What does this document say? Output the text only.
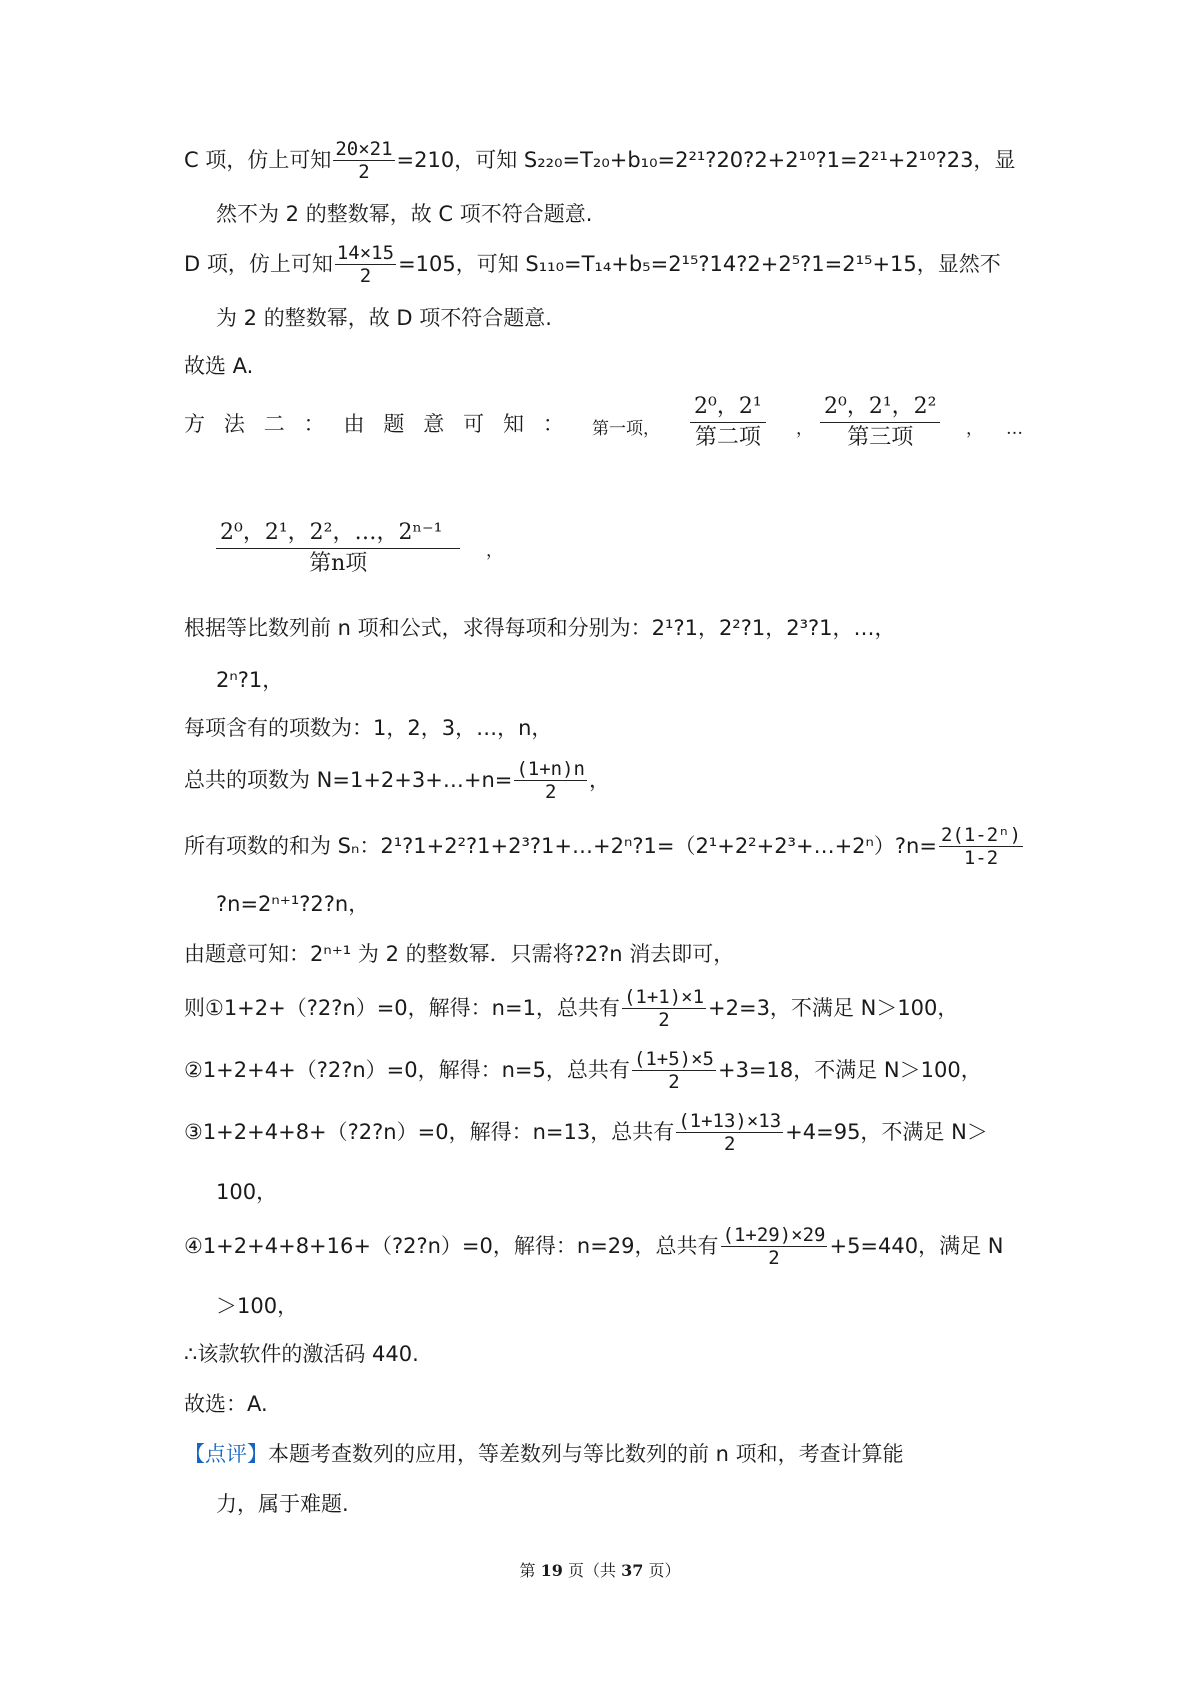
C 项，仿上可知 $\frac{20\times 21}{2} =210$，可知 S₂₂₀=T₂₀+b₁₀=2²¹?20?2+2¹⁰?1=2²¹+2¹⁰?23，显
然不为 2 的整数幂，故 C 项不符合题意.
D 项，仿上可知 $\frac{14\times 15}{2} =105$，可知 S₁₁₀=T₁₄+b₅=2¹⁵?14?2+2⁵?1=2¹⁵+15，显然不
为 2 的整数幂，故 D 项不符合题意.
故选 A.
方 法 二 ： 由 题 意 可 知 ： 第一项，
2⁰，2¹
第二项 ，
2⁰，2¹，2²
第三项	， …
2⁰，2¹，2²，…，2ⁿ⁻¹
第n项	，
根据等比数列前 n 项和公式，求得每项和分别为：2¹?1，2²?1，2³?1，…，
2ⁿ?1，
每项含有的项数为：1，2，3，…，n，
总共的项数为 N=1+2+3+…+n= $\frac{(1+n)n}{2}$ ，
所有项数的和为 Sₙ：2¹?1+2²?1+2³?1+…+2ⁿ?1=（2¹+2²+2³+…+2ⁿ）?n= $\frac{\text{2(1-2ⁿ)}}{1-2}$
?n=2ⁿ⁺¹?2?n，
由题意可知：2ⁿ⁺¹ 为 2 的整数幂．只需将?2?n 消去即可，
则①1+2+（?2?n）=0，解得：n=1，总共有 $\frac{(1+1)\times 1}{2} +2=3$，不满足 N＞100，
②1+2+4+（?2?n）=0，解得：n=5，总共有 $\frac{(1+5)\times 5}{2} +3=18$，不满足 N＞100，
③1+2+4+8+（?2?n）=0，解得：n=13，总共有 $\frac{(1+13)\times 13}{2} +4=95$，不满足 N＞
100，
④1+2+4+8+16+（?2?n）=0，解得：n=29，总共有 $\frac{(1+29)\times 29}{2} +5=440$，满足 N
＞100，
∴该款软件的激活码 440.
故选：A.
【点评】 本题考查数列的应用，等差数列与等比数列的前 n 项和，考查计算能
力，属于难题.
第 19 页（共 37 页）
